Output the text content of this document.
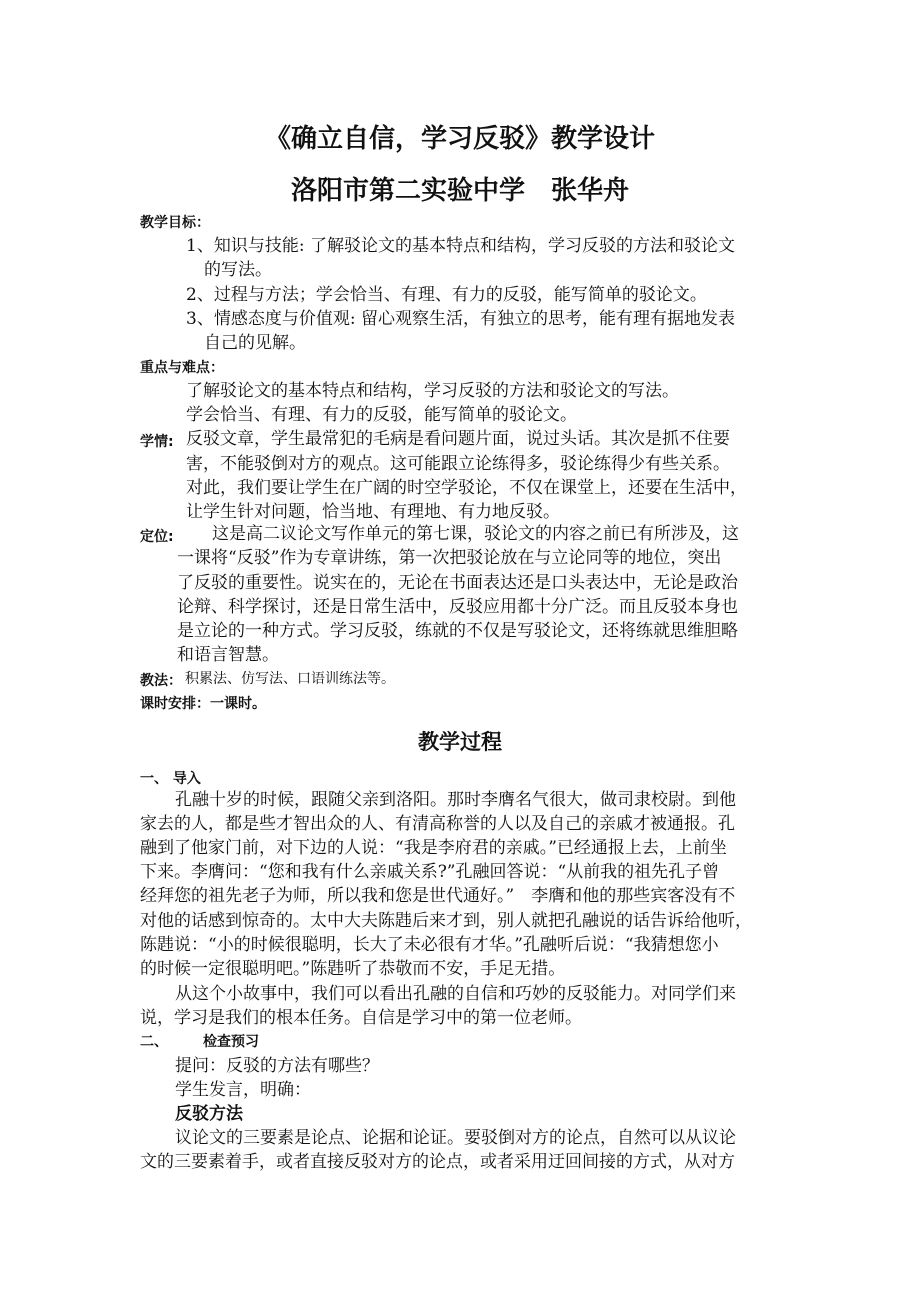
《确立自信，学习反驳》教学设计
洛阳市第二实验中学　张华舟
教学目标：
1、知识与技能: 了解驳论文的基本特点和结构，学习反驳的方法和驳论文
的写法。
2、过程与方法；学会恰当、有理、有力的反驳，能写简单的驳论文。
3、情感态度与价值观: 留心观察生活，有独立的思考，能有理有据地发表
自己的见解。
重点与难点：
了解驳论文的基本特点和结构，学习反驳的方法和驳论文的写法。
学会恰当、有理、有力的反驳，能写简单的驳论文。
学情: 反驳文章，学生最常犯的毛病是看问题片面，说过头话。其次是抓不住要
害，不能驳倒对方的观点。这可能跟立论练得多，驳论练得少有些关系。
对此，我们要让学生在广阔的时空学驳论，不仅在课堂上，还要在生活中，
让学生针对问题，恰当地、有理地、有力地反驳。
定位: 这是高二议论文写作单元的第七课，驳论文的内容之前已有所涉及，这
一课将“反驳”作为专章讲练，第一次把驳论放在与立论同等的地位，突出
了反驳的重要性。说实在的，无论在书面表达还是口头表达中，无论是政治
论辩、科学探讨，还是日常生活中，反驳应用都十分广泛。而且反驳本身也
是立论的一种方式。学习反驳，练就的不仅是写驳论文，还将练就思维胆略
和语言智慧。
教法： 积累法、仿写法、口语训练法等。
课时安排：一课时。
教学过程
一、 导入
孔融十岁的时候，跟随父亲到洛阳。那时李膺名气很大，做司隶校尉。到他
家去的人，都是些才智出众的人、有清高称誉的人以及自己的亲戚才被通报。孔
融到了他家门前，对下边的人说：“我是李府君的亲戚。”已经通报上去，上前坐
下来。李膺问：“您和我有什么亲戚关系?”孔融回答说：“从前我的祖先孔子曾
经拜您的祖先老子为师，所以我和您是世代通好。”　李膺和他的那些宾客没有不
对他的话感到惊奇的。太中大夫陈韪后来才到，别人就把孔融说的话告诉给他听，
陈韪说：“小的时候很聪明，长大了未必很有才华。”孔融听后说：“我猜想您小
的时候一定很聪明吧。”陈韪听了恭敬而不安，手足无措。
从这个小故事中，我们可以看出孔融的自信和巧妙的反驳能力。对同学们来
说，学习是我们的根本任务。自信是学习中的第一位老师。
二、	检查预习
提问：反驳的方法有哪些？
学生发言，明确：
反驳方法
议论文的三要素是论点、论据和论证。要驳倒对方的论点，自然可以从议论
文的三要素着手，或者直接反驳对方的论点，或者采用迂回间接的方式，从对方
